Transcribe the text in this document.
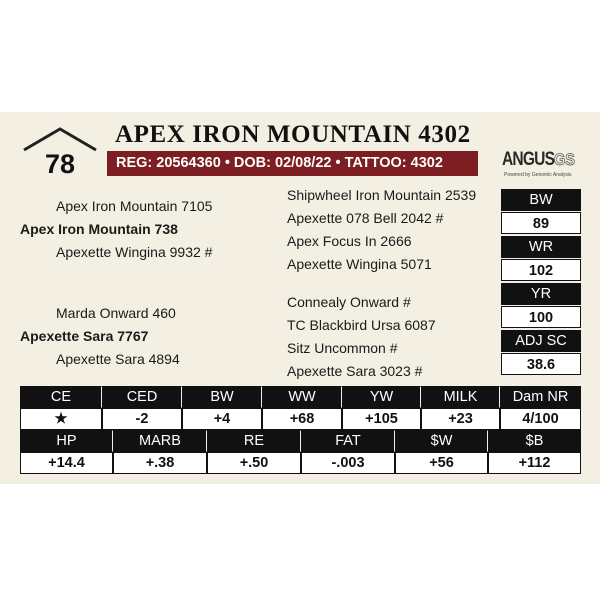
78
APEX IRON MOUNTAIN 4302
REG: 20564360 • DOB: 02/08/22 • TATTOO: 4302	ANGUS GS
Powered by Genomic Analysis
Apex Iron Mountain 7105
Apex Iron Mountain 738
Apexette Wingina 9932 #
Marda Onward 460
Apexette Sara 7767
Apexette Sara 4894
Shipwheel Iron Mountain 2539
Apexette 078 Bell 2042 #
Apex Focus In 2666
Apexette Wingina 5071
Connealy Onward #
TC Blackbird Ursa 6087
Sitz Uncommon #
Apexette Sara 3023 #
BW
89
WR
102
YR
100
ADJ SC
38.6
CE	CED	BW	WW	YW	MILK	Dam NR
★	-2	+4	+68	+105	+23	4/100
HP	MARB	RE	FAT	$W	$B
+14.4	+.38	+.50	-.003	+56	+112
